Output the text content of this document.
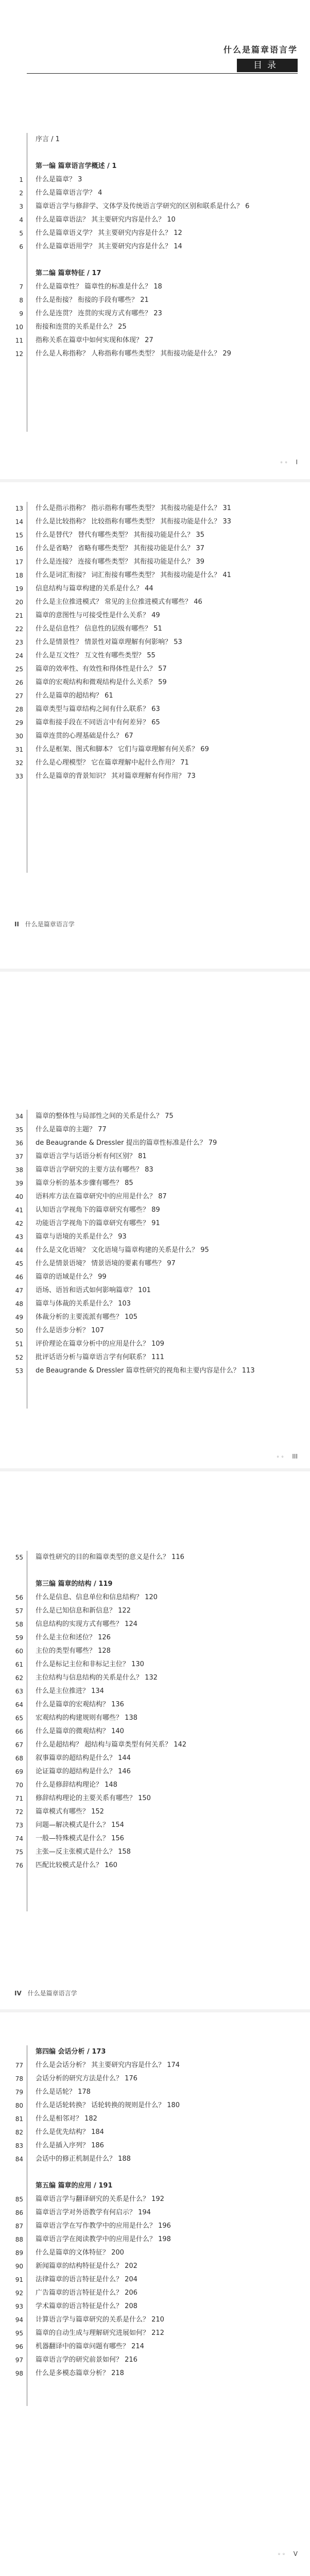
什么是篇章语言学
目录
序言 / 1
第一编 篇章语言学概述 / 1
1 什么是篇章？ 3
2 什么是篇章语言学？ 4
3 篇章语言学与修辞学、文体学及传统语言学研究的区别和联系是什么？ 6
4 什么是篇章语法？ 其主要研究内容是什么？ 10
5 什么是篇章语义学？ 其主要研究内容是什么？ 12
6 什么是篇章语用学？ 其主要研究内容是什么？ 14
第二编 篇章特征 / 17
7 什么是篇章性？ 篇章性的标准是什么？ 18
8 什么是衔接？ 衔接的手段有哪些？ 21
9 什么是连贯？ 连贯的实现方式有哪些？ 23
10 衔接和连贯的关系是什么？ 25
11 指称关系在篇章中如何实现和体现？ 27
12 什么是人称指称？ 人称指称有哪些类型？ 其衔接功能是什么？ 29
◦ ◦ I
13 什么是指示指称？ 指示指称有哪些类型？ 其衔接功能是什么？ 31
14 什么是比较指称？ 比较指称有哪些类型？ 其衔接功能是什么？ 33
15 什么是替代？ 替代有哪些类型？ 其衔接功能是什么？ 35
16 什么是省略？ 省略有哪些类型？ 其衔接功能是什么？ 37
17 什么是连接？ 连接有哪些类型？ 其衔接功能是什么？ 39
18 什么是词汇衔接？ 词汇衔接有哪些类型？ 其衔接功能是什么？ 41
19 信息结构与篇章构建的关系是什么？ 44
20 什么是主位推进模式？ 常见的主位推进模式有哪些？ 46
21 篇章的意图性与可接受性是什么关系？ 49
22 什么是信息性？ 信息性的层级有哪些？ 51
23 什么是情景性？ 情景性对篇章理解有何影响？ 53
24 什么是互文性？ 互文性有哪些类型？ 55
25 篇章的效率性、有效性和得体性是什么？ 57
26 篇章的宏观结构和微观结构是什么关系？ 59
27 什么是篇章的超结构？ 61
28 篇章类型与篇章结构之间有什么联系？ 63
29 篇章衔接手段在不同语言中有何差异？ 65
30 篇章连贯的心理基础是什么？ 67
31 什么是框架、图式和脚本？ 它们与篇章理解有何关系？ 69
32 什么是心理模型？ 它在篇章理解中起什么作用？ 71
33 什么是篇章的背景知识？ 其对篇章理解有何作用？ 73
II 什么是篇章语言学
34 篇章的整体性与局部性之间的关系是什么？ 75
35 什么是篇章的主题？ 77
36 de Beaugrande & Dressler 提出的篇章性标准是什么？ 79
37 篇章语言学与话语分析有何区别？ 81
38 篇章语言学研究的主要方法有哪些？ 83
39 篇章分析的基本步骤有哪些？ 85
40 语料库方法在篇章研究中的应用是什么？ 87
41 认知语言学视角下的篇章研究有哪些？ 89
42 功能语言学视角下的篇章研究有哪些？ 91
43 篇章与语境的关系是什么？ 93
44 什么是文化语境？ 文化语境与篇章构建的关系是什么？ 95
45 什么是情景语境？ 情景语境的要素有哪些？ 97
46 篇章的语域是什么？ 99
47 语场、语旨和语式如何影响篇章？ 101
48 篇章与体裁的关系是什么？ 103
49 体裁分析的主要流派有哪些？ 105
50 什么是语步分析？ 107
51 评价理论在篇章分析中的应用是什么？ 109
52 批评话语分析与篇章语言学有何联系？ 111
53 de Beaugrande & Dressler 篇章性研究的视角和主要内容是什么？ 113
◦ ◦ III
55 篇章性研究的目的和篇章类型的意义是什么？ 116
第三编 篇章的结构 / 119
56 什么是信息、信息单位和信息结构？ 120
57 什么是已知信息和新信息？ 122
58 信息结构的实现方式有哪些？ 124
59 什么是主位和述位？ 126
60 主位的类型有哪些？ 128
61 什么是标记主位和非标记主位？ 130
62 主位结构与信息结构的关系是什么？ 132
63 什么是主位推进？ 134
64 什么是篇章的宏观结构？ 136
65 宏观结构的构建规则有哪些？ 138
66 什么是篇章的微观结构？ 140
67 什么是超结构？ 超结构与篇章类型有何关系？ 142
68 叙事篇章的超结构是什么？ 144
69 论证篇章的超结构是什么？ 146
70 什么是修辞结构理论？ 148
71 修辞结构理论的主要关系有哪些？ 150
72 篇章模式有哪些？ 152
73 问题—解决模式是什么？ 154
74 一般—特殊模式是什么？ 156
75 主张—反主张模式是什么？ 158
76 匹配比较模式是什么？ 160
IV 什么是篇章语言学
第四编 会话分析 / 173
77 什么是会话分析？ 其主要研究内容是什么？ 174
78 会话分析的研究方法是什么？ 176
79 什么是话轮？ 178
80 什么是话轮转换？ 话轮转换的规则是什么？ 180
81 什么是相邻对？ 182
82 什么是优先结构？ 184
83 什么是插入序列？ 186
84 会话中的修正机制是什么？ 188
第五编 篇章的应用 / 191
85 篇章语言学与翻译研究的关系是什么？ 192
86 篇章语言学对外语教学有何启示？ 194
87 篇章语言学在写作教学中的应用是什么？ 196
88 篇章语言学在阅读教学中的应用是什么？ 198
89 什么是篇章的文体特征？ 200
90 新闻篇章的结构特征是什么？ 202
91 法律篇章的语言特征是什么？ 204
92 广告篇章的语言特征是什么？ 206
93 学术篇章的语言特征是什么？ 208
94 计算语言学与篇章研究的关系是什么？ 210
95 篇章的自动生成与理解研究进展如何？ 212
96 机器翻译中的篇章问题有哪些？ 214
97 篇章语言学的研究前景如何？ 216
98 什么是多模态篇章分析？ 218
◦ ◦ V
